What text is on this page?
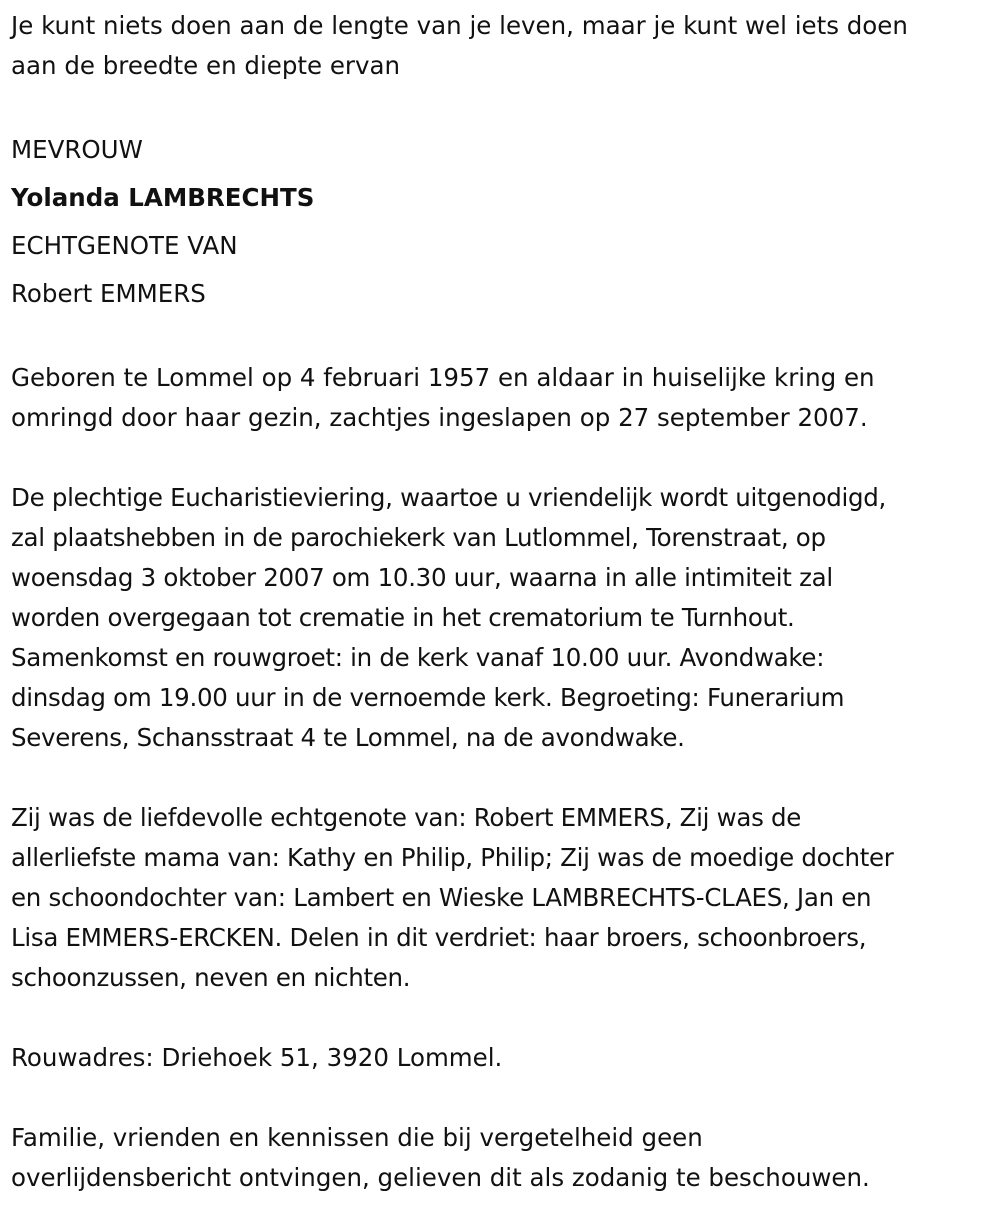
Je kunt niets doen aan de lengte van je leven, maar je kunt wel iets doen
aan de breedte en diepte ervan

MEVROUW

Yolanda LAMBRECHTS

ECHTGENOTE VAN

Robert EMMERS

Geboren te Lommel op 4 februari 1957 en aldaar in huiselijke kring en
omringd door haar gezin, zachtjes ingeslapen op 27 september 2007.

De plechtige Eucharistieviering, waartoe u vriendelijk wordt uitgenodigd,
zal plaatshebben in de parochiekerk van Lutlommel, Torenstraat, op
woensdag 3 oktober 2007 om 10.30 uur, waarna in alle intimiteit zal
worden overgegaan tot crematie in het crematorium te Turnhout.
Samenkomst en rouwgroet: in de kerk vanaf 10.00 uur. Avondwake:
dinsdag om 19.00 uur in de vernoemde kerk. Begroeting: Funerarium
Severens, Schansstraat 4 te Lommel, na de avondwake.

Zij was de liefdevolle echtgenote van: Robert EMMERS, Zij was de
allerliefste mama van: Kathy en Philip, Philip; Zij was de moedige dochter
en schoondochter van: Lambert en Wieske LAMBRECHTS-CLAES, Jan en
Lisa EMMERS-ERCKEN. Delen in dit verdriet: haar broers, schoonbroers,
schoonzussen, neven en nichten.

Rouwadres: Driehoek 51, 3920 Lommel.

Familie, vrienden en kennissen die bij vergetelheid geen
overlijdensbericht ontvingen, gelieven dit als zodanig te beschouwen.
